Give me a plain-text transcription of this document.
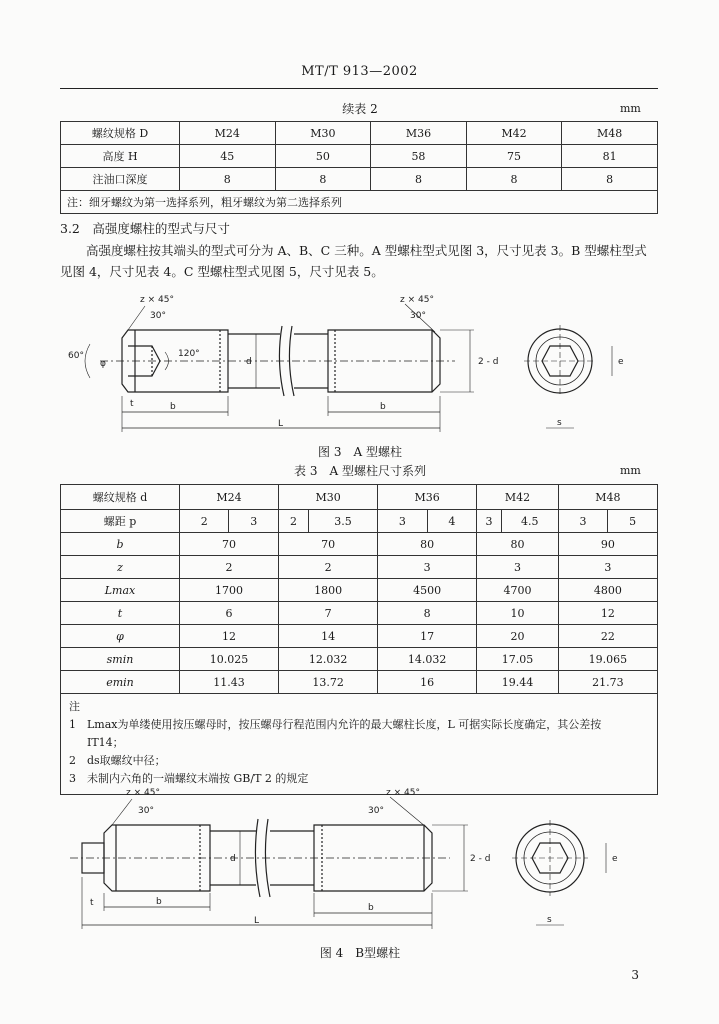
MT/T 913—2002
续表 2	mm
螺纹规格 D	M24	M30	M36	M42	M48
高度 H	45	50	58	75	81
注油口深度	8	8	8	8	8
注：细牙螺纹为第一选择系列，粗牙螺纹为第二选择系列					
3.2　高强度螺柱的型式与尺寸
高强度螺柱按其端头的型式可分为 A、B、C 三种。A 型螺柱型式见图 3，尺寸见表 3。B 型螺柱型式见图 4，尺寸见表 4。C 型螺柱型式见图 5，尺寸见表 5。
z × 45°
30°
z × 45°
30°
120°
60°
φ
t	b	b
L
d	2 - d	e
s
图 3　A 型螺柱
表 3　A 型螺柱尺寸系列	mm
螺纹规格 d	M24		M30		M36		M42		M48	
螺距 p	2	3	2	3.5	3	4	3	4.5	3	5
b	70		70		80		80		90	
z	2		2		3		3		3	
Lmax	1700		1800		4500		4700		4800	
t	6		7		8		10		12	
φ	12		14		17		20		22	
smin	10.025		12.032		14.032		17.05		19.065	
emin	11.43		13.72		16		19.44		21.73	

注
1 Lmax为单缕使用按压螺母时，按压螺母行程范围内允许的最大螺柱长度，L 可据实际长度确定，其公差按
IT14；
2 ds取螺纹中径；
3 未制内六角的一端螺纹末端按 GB/T 2 的规定										
z × 45°
30°
z × 45°
30°
t	b
b
L
d	2 - d	e
s
图 4　B型螺柱
3
